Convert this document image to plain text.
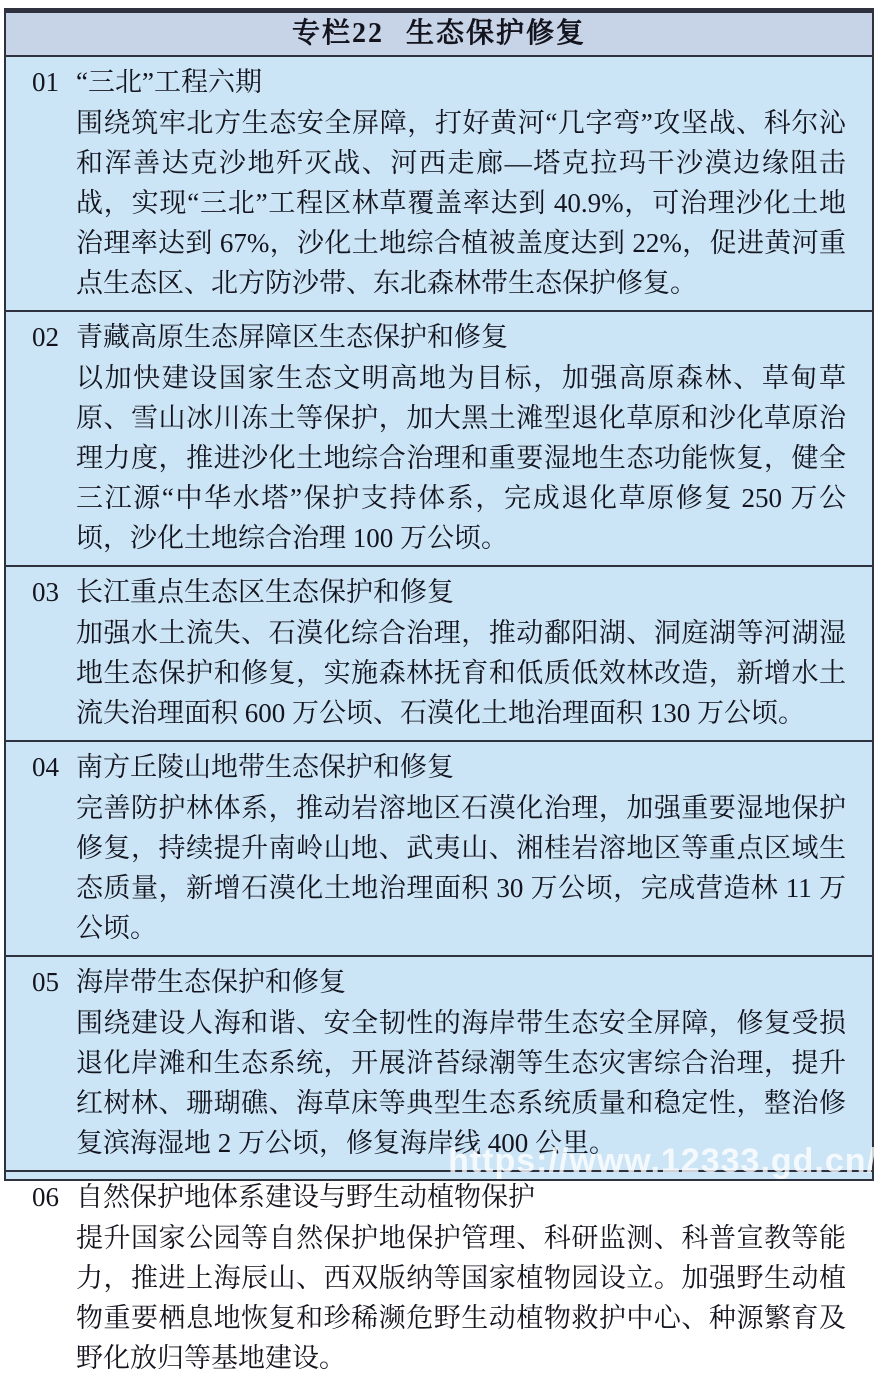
专栏22 生态保护修复
01 “三北”工程六期

围绕筑牢北方生态安全屏障，打好黄河“几字弯”攻坚战、科尔沁和浑善达克沙地歼灭战、河西走廊—塔克拉玛干沙漠边缘阻击战，实现“三北”工程区林草覆盖率达到 40.9%，可治理沙化土地治理率达到 67%，沙化土地综合植被盖度达到 22%，促进黄河重点生态区、北方防沙带、东北森林带生态保护修复。

02 青藏高原生态屏障区生态保护和修复

以加快建设国家生态文明高地为目标，加强高原森林、草甸草原、雪山冰川冻土等保护，加大黑土滩型退化草原和沙化草原治理力度，推进沙化土地综合治理和重要湿地生态功能恢复，健全三江源“中华水塔”保护支持体系，完成退化草原修复 250 万公顷，沙化土地综合治理 100 万公顷。

03 长江重点生态区生态保护和修复

加强水土流失、石漠化综合治理，推动鄱阳湖、洞庭湖等河湖湿地生态保护和修复，实施森林抚育和低质低效林改造，新增水土流失治理面积 600 万公顷、石漠化土地治理面积 130 万公顷。

04 南方丘陵山地带生态保护和修复

完善防护林体系，推动岩溶地区石漠化治理，加强重要湿地保护修复，持续提升南岭山地、武夷山、湘桂岩溶地区等重点区域生态质量，新增石漠化土地治理面积 30 万公顷，完成营造林 11 万公顷。

05 海岸带生态保护和修复

围绕建设人海和谐、安全韧性的海岸带生态安全屏障，修复受损退化岸滩和生态系统，开展浒苔绿潮等生态灾害综合治理，提升红树林、珊瑚礁、海草床等典型生态系统质量和稳定性，整治修复滨海湿地 2 万公顷，修复海岸线 400 公里。

06 自然保护地体系建设与野生动植物保护

提升国家公园等自然保护地保护管理、科研监测、科普宣教等能力，推进上海辰山、西双版纳等国家植物园设立。加强野生动植物重要栖息地恢复和珍稀濒危野生动植物救护中心、种源繁育及野化放归等基地建设。

https://www.12333.gd.cn/
